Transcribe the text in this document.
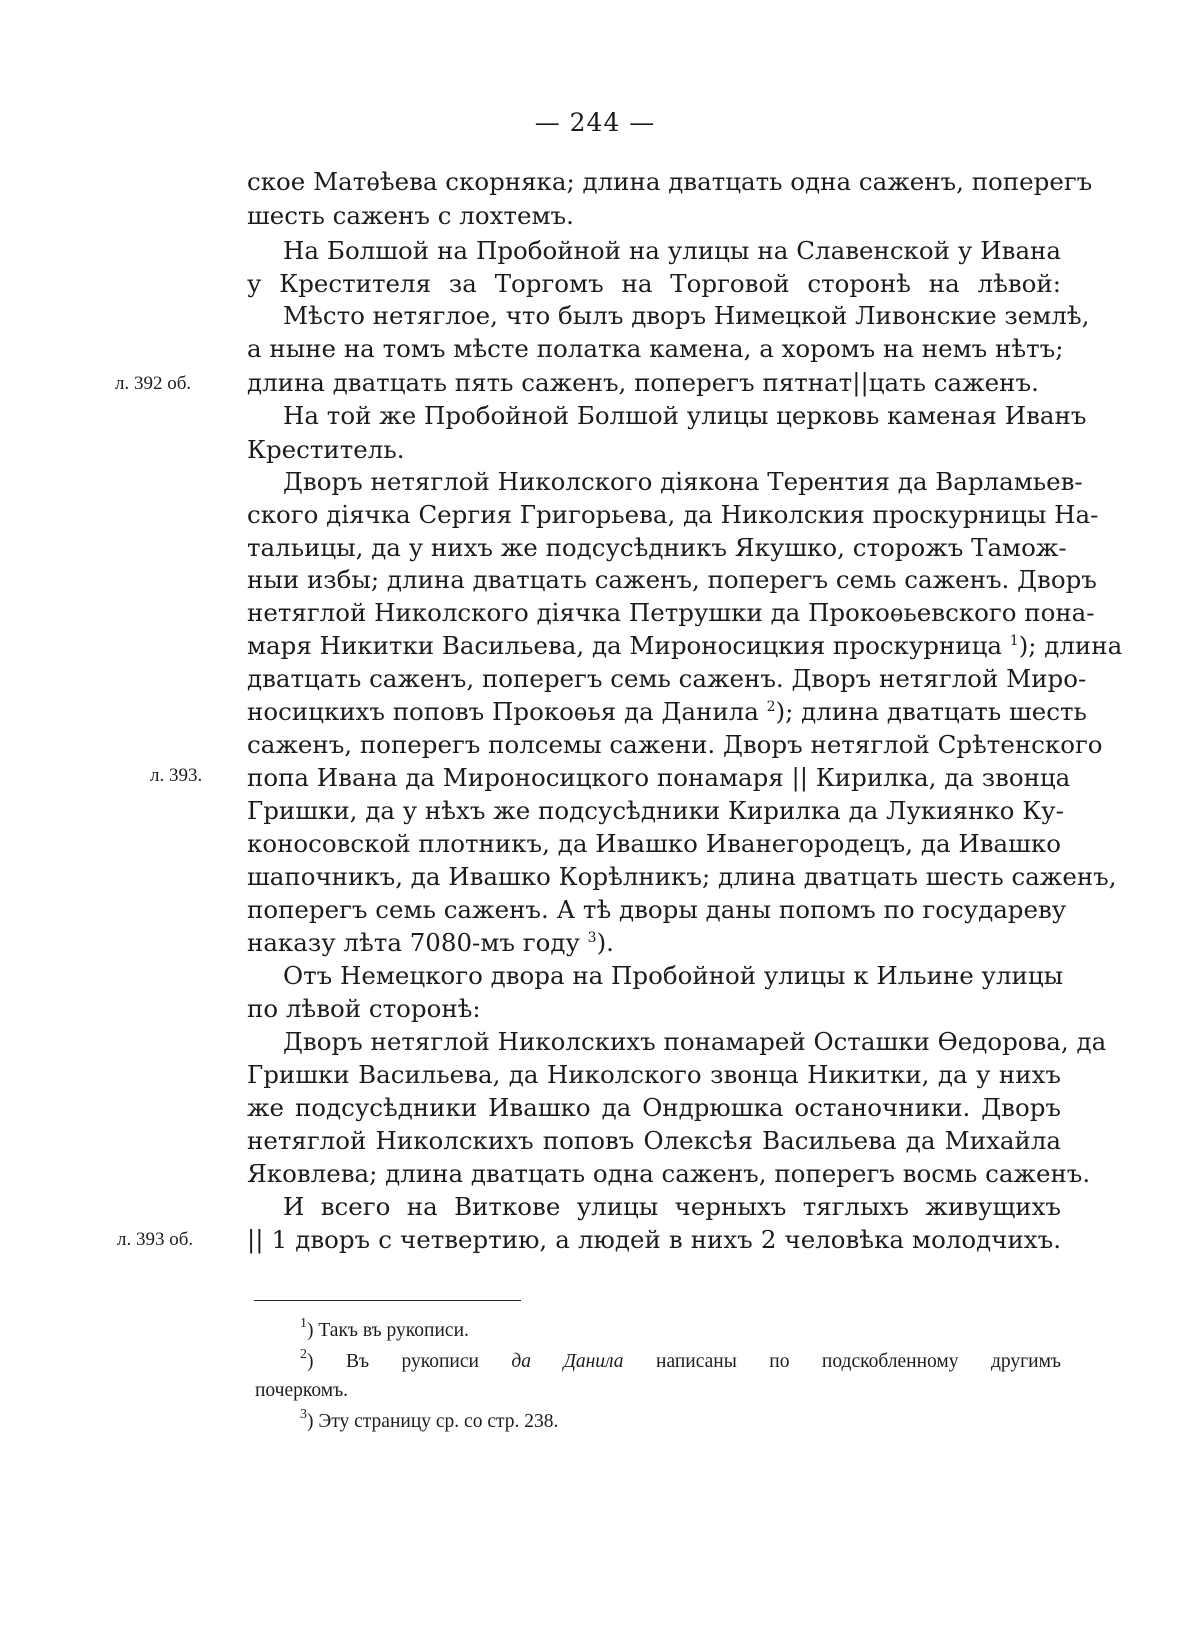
— 244 —
л. 392 об.
л. 393.
л. 393 об.
ское Матѳѣева скорняка; длина дватцать одна саженъ, поперегъ
шесть саженъ с лохтемъ.
На Болшой на Пробойной на улицы на Славенской у Ивана
у Крестителя за Торгомъ на Торговой сторонѣ на лѣвой:
Мѣсто нетяглое, что былъ дворъ Нимецкой Ливонские землѣ,
а ныне на томъ мѣсте полатка камена, а хоромъ на немъ нѣтъ;
длина дватцать пять саженъ, поперегъ пятнат||цать саженъ.
На той же Пробойной Болшой улицы церковь каменая Иванъ
Креститель.
Дворъ нетяглой Николского діякона Терентия да Варламьев-
ского діячка Сергия Григорьева, да Николския проскурницы На-
тальицы, да у нихъ же подсусѣдникъ Якушко, сторожъ Тамож-
ныи избы; длина дватцать саженъ, поперегъ семь саженъ. Дворъ
нетяглой Николского діячка Петрушки да Прокоѳьевского пона-
маря Никитки Васильева, да Мироносицкия проскурница $^1$); длина
дватцать саженъ, поперегъ семь саженъ. Дворъ нетяглой Миро-
носицкихъ поповъ Прокоѳья да Данила $^2$); длина дватцать шесть
саженъ, поперегъ полсемы сажени. Дворъ нетяглой Срѣтенского
попа Ивана да Мироносицкого понамаря || Кирилка, да звонца
Гришки, да у нѣхъ же подсусѣдники Кирилка да Лукиянко Ку-
коносовской плотникъ, да Ивашко Иванегородецъ, да Ивашко
шапочникъ, да Ивашко Корѣлникъ; длина дватцать шесть саженъ,
поперегъ семь саженъ. А тѣ дворы даны попомъ по государеву
наказу лѣта 7080-мъ году $^3$).
Отъ Немецкого двора на Пробойной улицы к Ильине улицы
по лѣвой сторонѣ:
Дворъ нетяглой Николскихъ понамарей Осташки Ѳедорова, да
Гришки Васильева, да Николского звонца Никитки, да у нихъ
же подсусѣдники Ивашко да Ондрюшка останочники. Дворъ
нетяглой Николскихъ поповъ Олексѣя Васильева да Михайла
Яковлева; длина дватцать одна саженъ, поперегъ восмь саженъ.
И всего на Виткове улицы черныхъ тяглыхъ живущихъ
|| 1 дворъ с четвертию, а людей в нихъ 2 человѣка молодчихъ.
$^1$) Такъ въ рукописи.
$^2$) Въ рукописи да Данила написаны по подскобленному другимъ
почеркомъ.
$^3$) Эту страницу ср. со стр. 238.
